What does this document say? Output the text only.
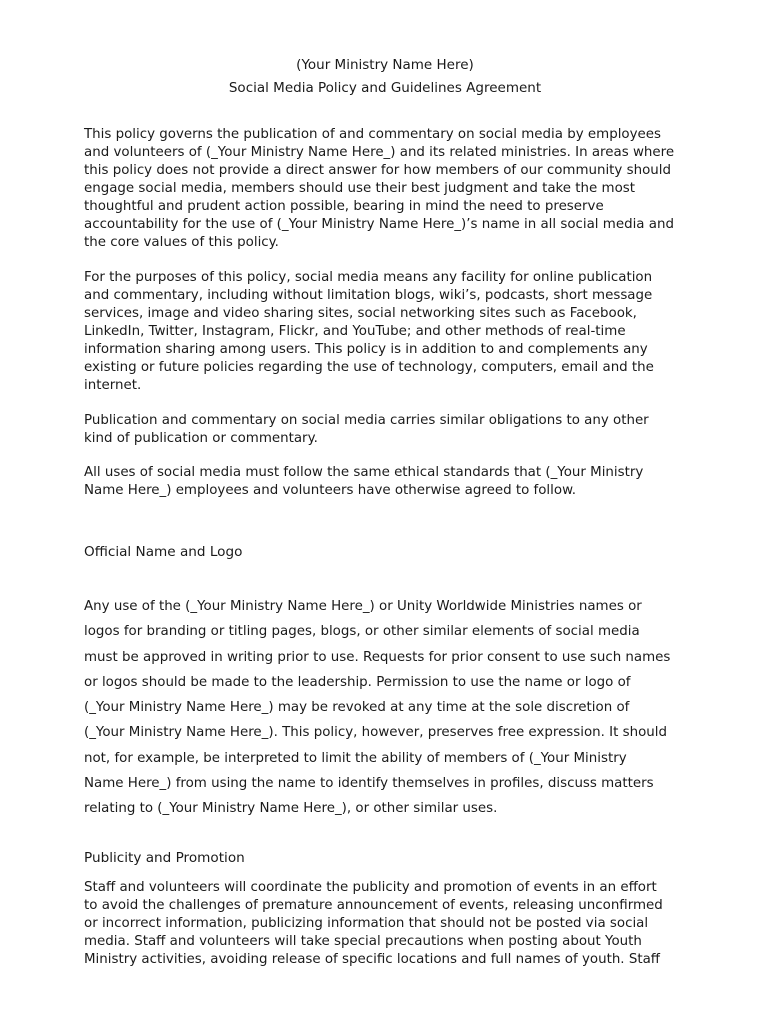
(Your Ministry Name Here)
Social Media Policy and Guidelines Agreement

This policy governs the publication of and commentary on social media by employees
and volunteers of (_Your Ministry Name Here_) and its related ministries. In areas where
this policy does not provide a direct answer for how members of our community should
engage social media, members should use their best judgment and take the most
thoughtful and prudent action possible, bearing in mind the need to preserve
accountability for the use of (_Your Ministry Name Here_)’s name in all social media and
the core values of this policy.

For the purposes of this policy, social media means any facility for online publication
and commentary, including without limitation blogs, wiki’s, podcasts, short message
services, image and video sharing sites, social networking sites such as Facebook,
LinkedIn, Twitter, Instagram, Flickr, and YouTube; and other methods of real-time
information sharing among users. This policy is in addition to and complements any
existing or future policies regarding the use of technology, computers, email and the
internet.

Publication and commentary on social media carries similar obligations to any other
kind of publication or commentary.

All uses of social media must follow the same ethical standards that (_Your Ministry
Name Here_) employees and volunteers have otherwise agreed to follow.

Official Name and Logo

Any use of the (_Your Ministry Name Here_) or Unity Worldwide Ministries names or
logos for branding or titling pages, blogs, or other similar elements of social media
must be approved in writing prior to use. Requests for prior consent to use such names
or logos should be made to the leadership. Permission to use the name or logo of
(_Your Ministry Name Here_) may be revoked at any time at the sole discretion of
(_Your Ministry Name Here_). This policy, however, preserves free expression. It should
not, for example, be interpreted to limit the ability of members of (_Your Ministry
Name Here_) from using the name to identify themselves in profiles, discuss matters
relating to (_Your Ministry Name Here_), or other similar uses.

Publicity and Promotion

Staff and volunteers will coordinate the publicity and promotion of events in an effort
to avoid the challenges of premature announcement of events, releasing unconfirmed
or incorrect information, publicizing information that should not be posted via social
media. Staff and volunteers will take special precautions when posting about Youth
Ministry activities, avoiding release of specific locations and full names of youth. Staff
